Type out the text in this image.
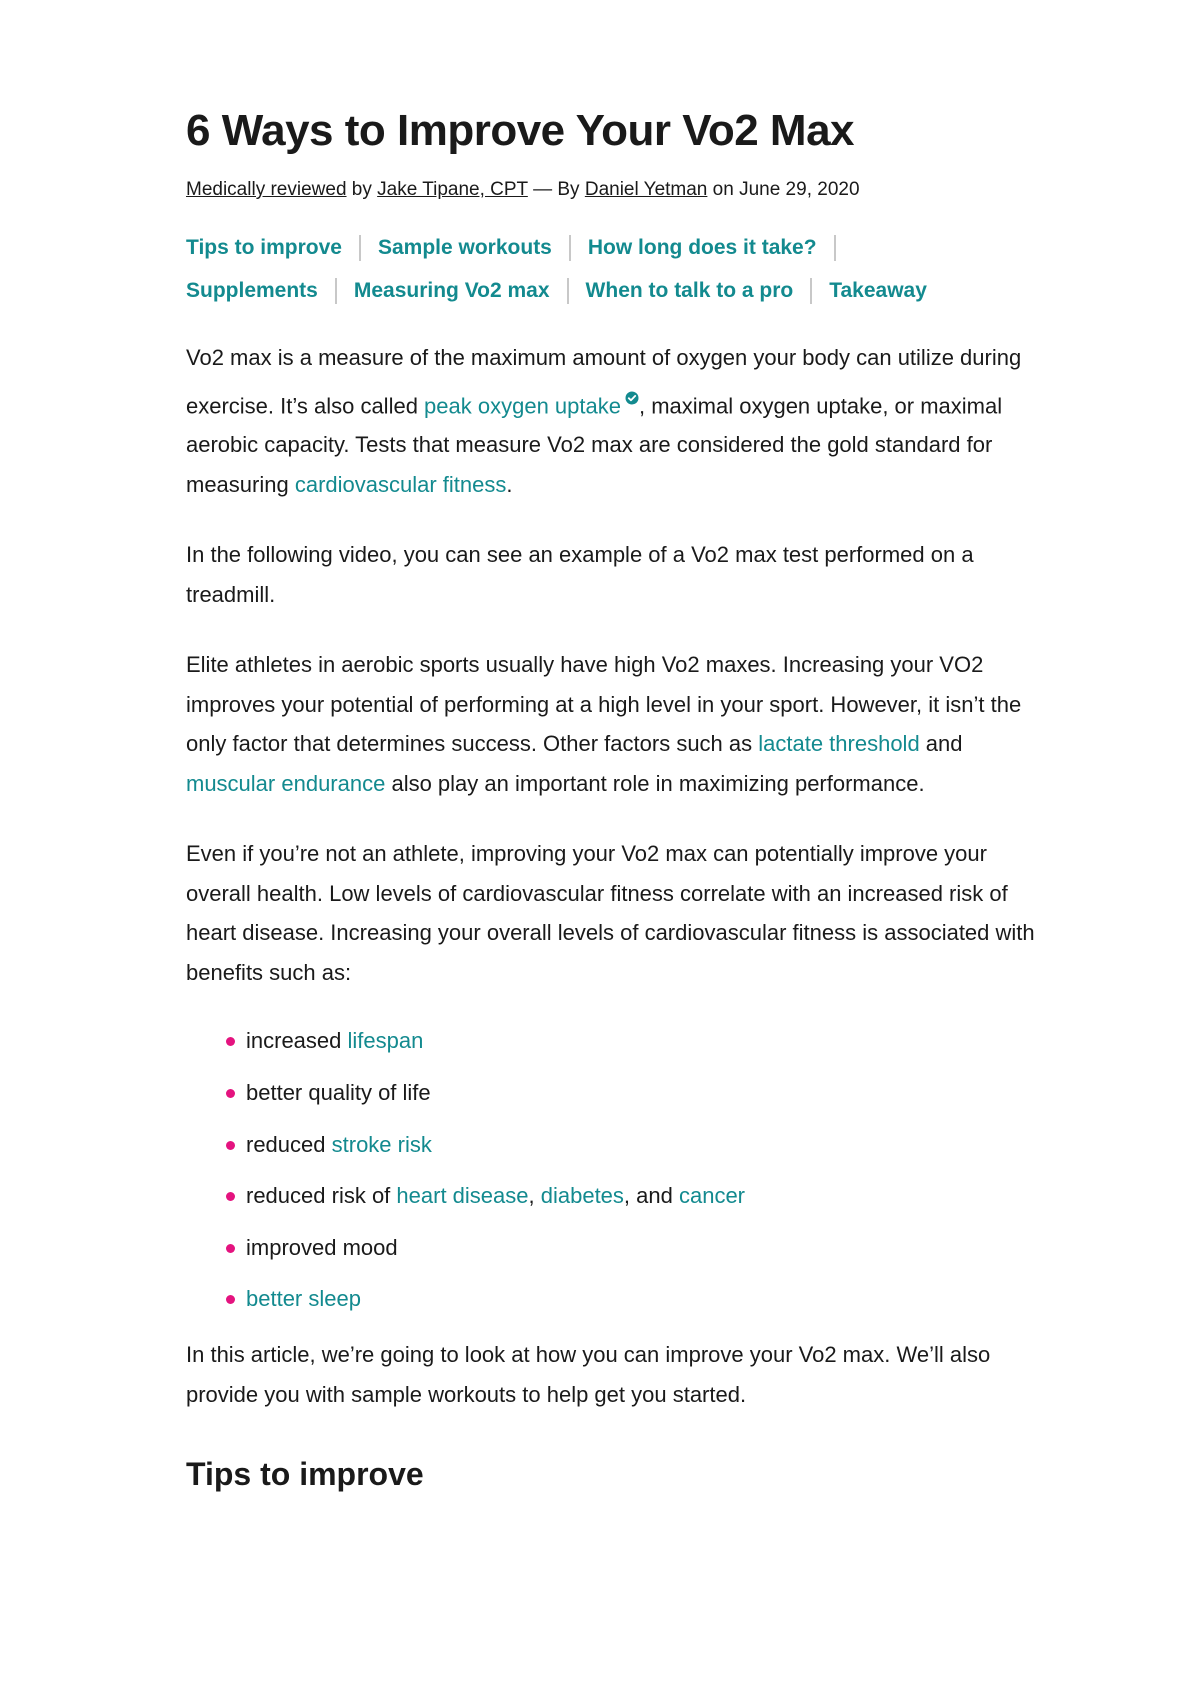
6 Ways to Improve Your Vo2 Max
Medically reviewed by Jake Tipane, CPT — By Daniel Yetman on June 29, 2020
Tips to improve Sample workouts How long does it take?
Supplements Measuring Vo2 max When to talk to a pro Takeaway

Vo2 max is a measure of the maximum amount of oxygen your body can utilize during exercise. It’s also called peak oxygen uptake , maximal oxygen uptake, or maximal aerobic capacity. Tests that measure Vo2 max are considered the gold standard for measuring cardiovascular fitness.

In the following video, you can see an example of a Vo2 max test performed on a treadmill.

Elite athletes in aerobic sports usually have high Vo2 maxes. Increasing your VO2 improves your potential of performing at a high level in your sport. However, it isn’t the only factor that determines success. Other factors such as lactate threshold and muscular endurance also play an important role in maximizing performance.

Even if you’re not an athlete, improving your Vo2 max can potentially improve your overall health. Low levels of cardiovascular fitness correlate with an increased risk of heart disease. Increasing your overall levels of cardiovascular fitness is associated with benefits such as:

increased lifespan
better quality of life
reduced stroke risk
reduced risk of heart disease, diabetes, and cancer
improved mood
better sleep

In this article, we’re going to look at how you can improve your Vo2 max. We’ll also provide you with sample workouts to help get you started.

Tips to improve
